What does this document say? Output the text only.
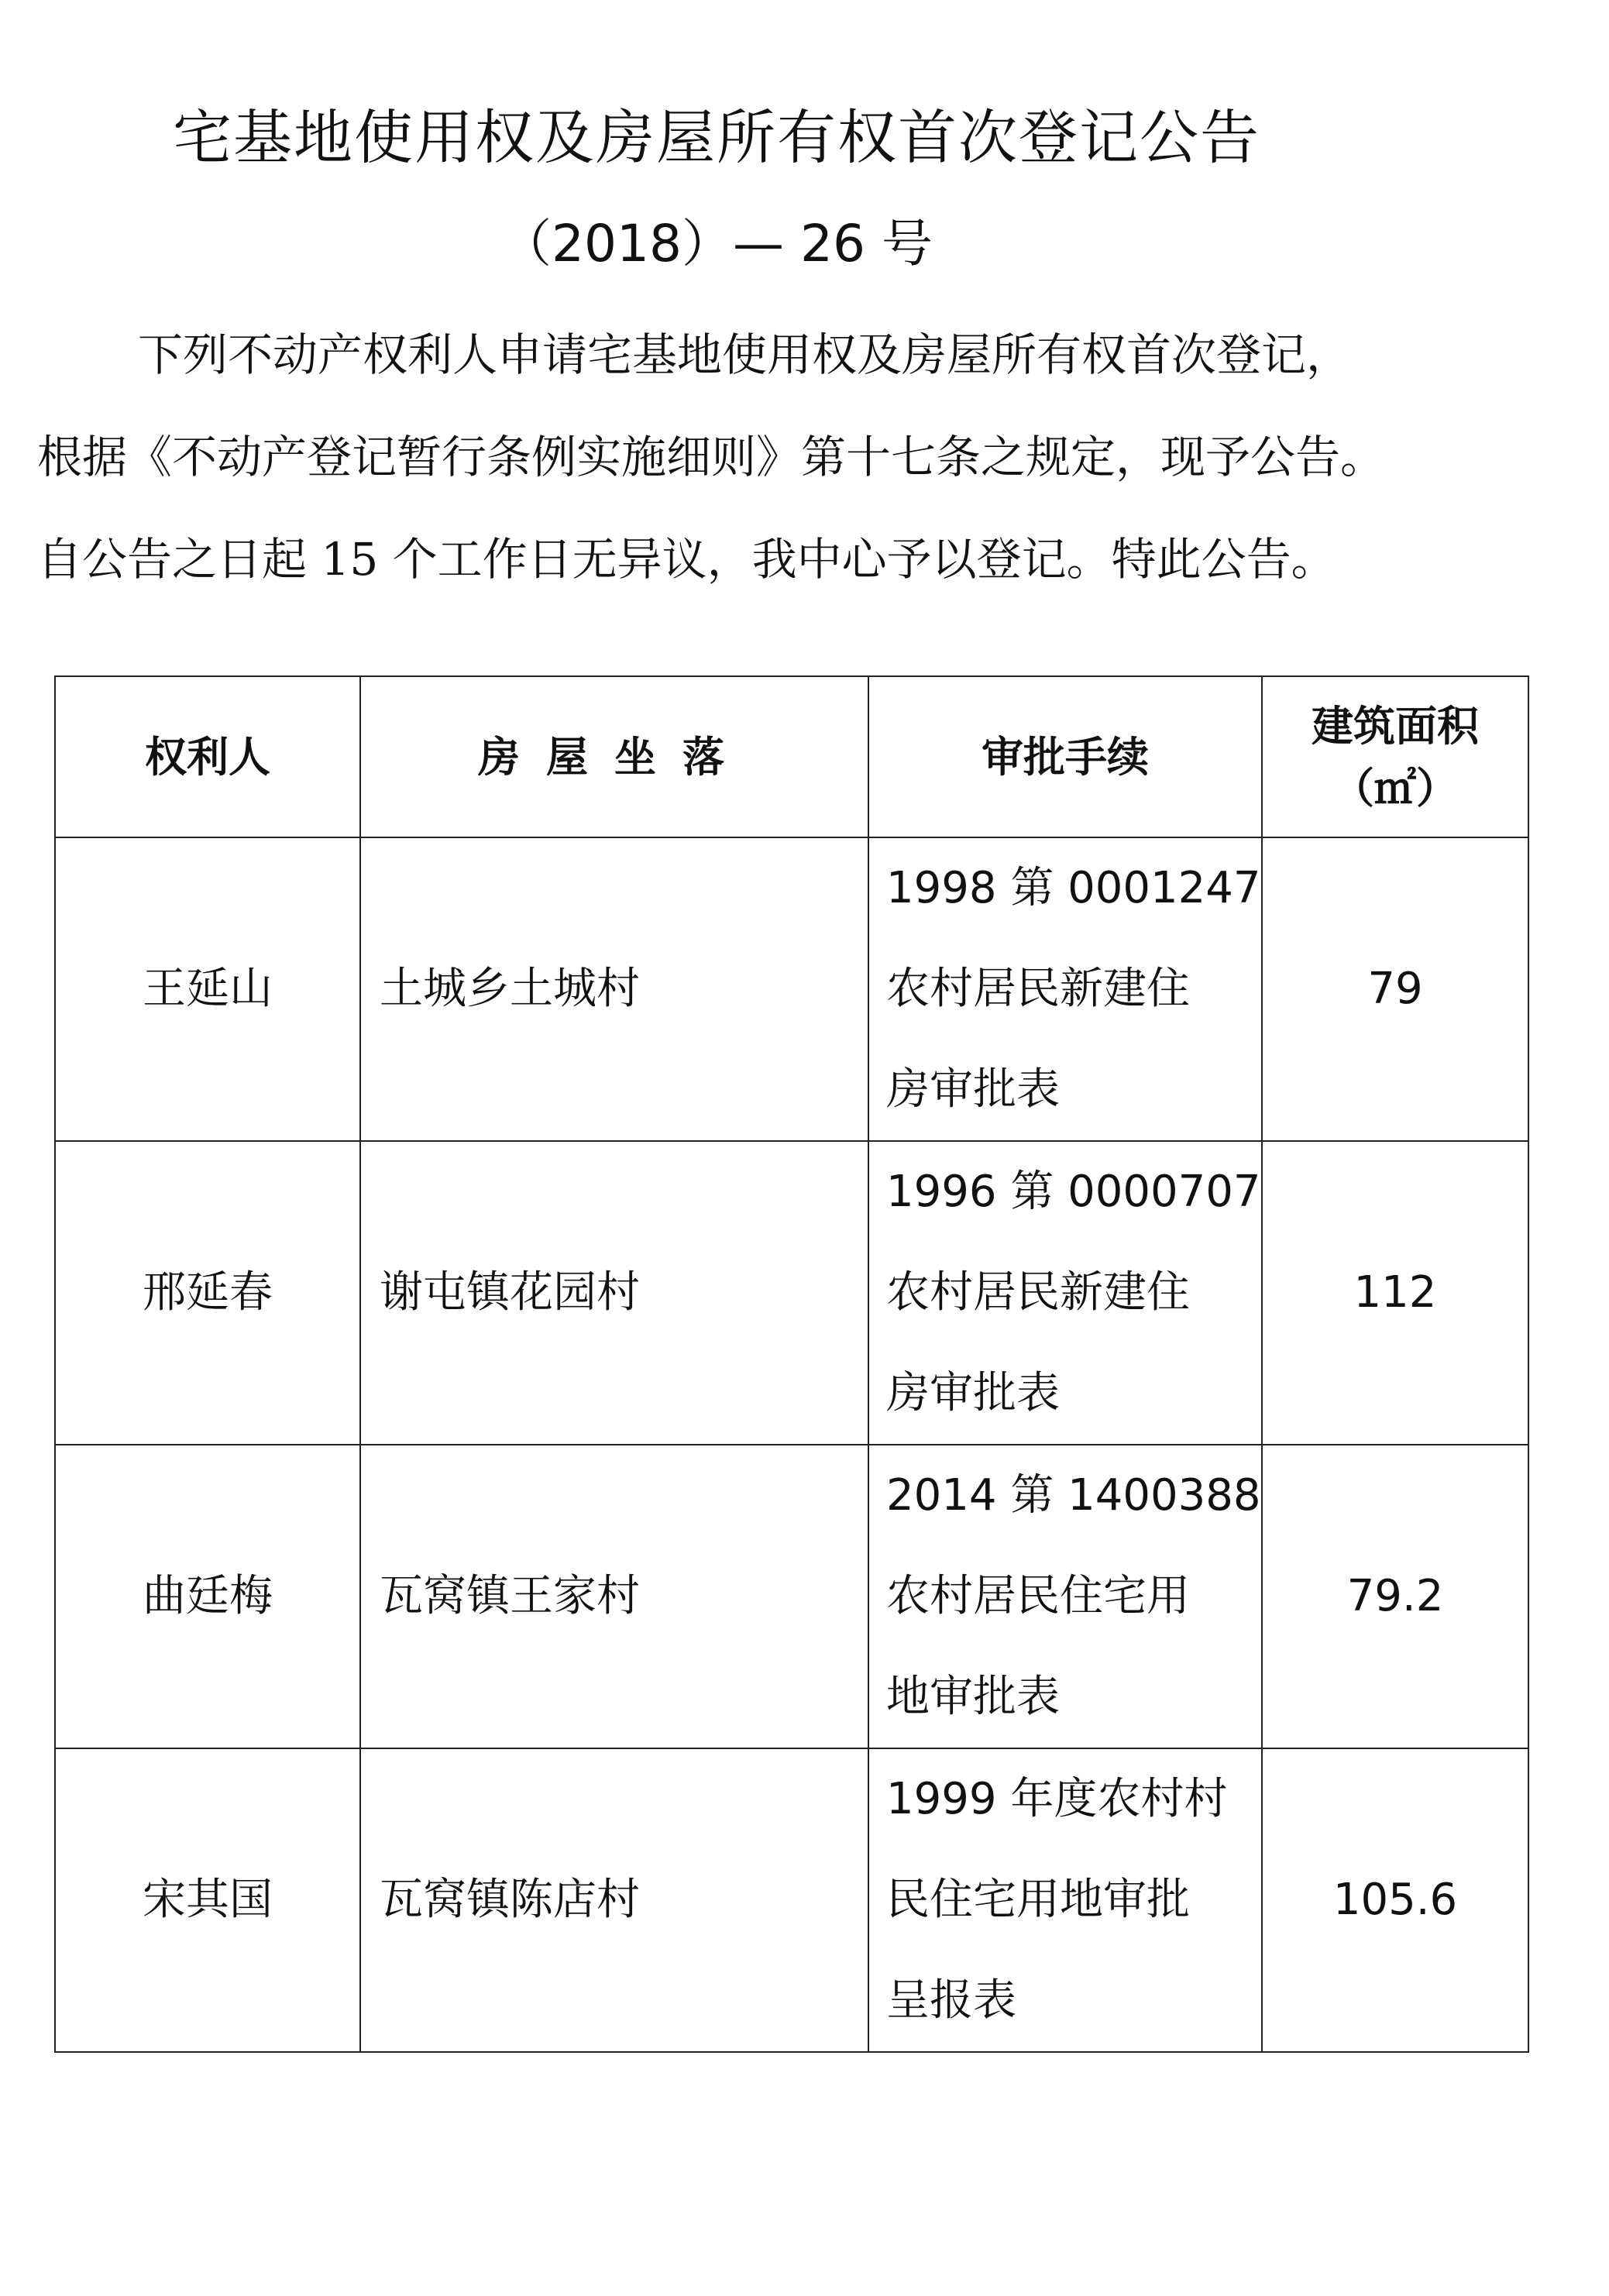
宅基地使用权及房屋所有权首次登记公告
（2018）— 26 号
下列不动产权利人申请宅基地使用权及房屋所有权首次登记，
根据《不动产登记暂行条例实施细则》第十七条之规定，现予公告。
自公告之日起 15 个工作日无异议，我中心予以登记。特此公告。
权利人	房屋坐落	审批手续	建筑面积
（㎡）

王延山	土城乡土城村	1998 第 0001247
农村居民新建住
房审批表	79
邢延春	谢屯镇花园村	1996 第 0000707
农村居民新建住
房审批表	112
曲廷梅	瓦窝镇王家村	2014 第 1400388
农村居民住宅用
地审批表	79.2
宋其国	瓦窝镇陈店村	1999 年度农村村
民住宅用地审批
呈报表	105.6
